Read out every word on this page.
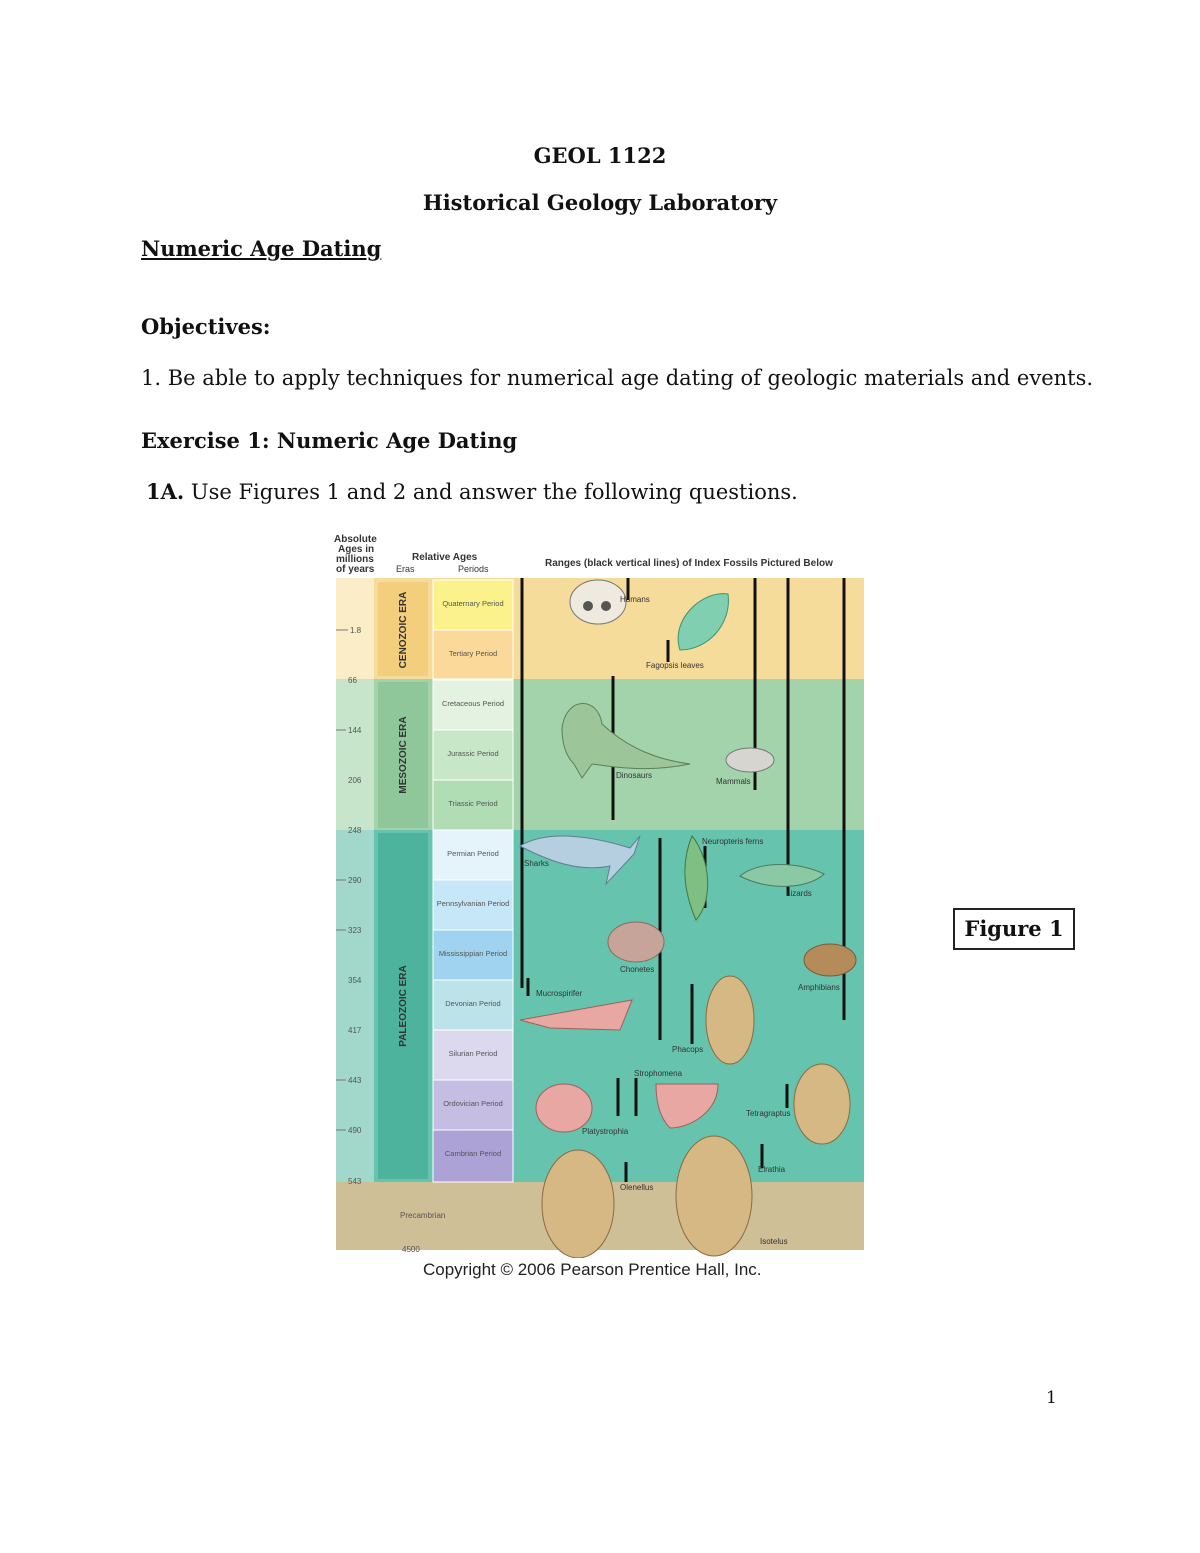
GEOL 1122
Historical Geology Laboratory
Numeric Age Dating
Objectives:
1. Be able to apply techniques for numerical age dating of geologic materials and events.
Exercise 1: Numeric Age Dating
1A. Use Figures 1 and 2 and answer the following questions.
Absolute
Ages in
millions
of years
Relative Ages
Eras	Periods	Ranges (black vertical lines) of Index Fossils Pictured Below
Quaternary Period
Tertiary Period
Cretaceous Period
Jurassic Period
Triassic Period
Permian Period
Pennsylvanian Period
Mississippian Period
Devonian Period
Silurian Period
Ordovician Period
Cambrian Period
CENOZOIC ERA
MESOZOIC ERA
PALEOZOIC ERA
1.8
66
144
206
248
290
323
354
417
443
490
543
4500
Precambrian
Humans
Fagopsis leaves
Dinosaurs
Mammals
Sharks
Neuropteris ferns
Lizards
Chonetes
Amphibians
Mucrospirifer
Phacops
Strophomena
Platystrophia
Tetragraptus
Olenellus
Elrathia
Isotelus
Copyright © 2006 Pearson Prentice Hall, Inc.
Figure 1
1
